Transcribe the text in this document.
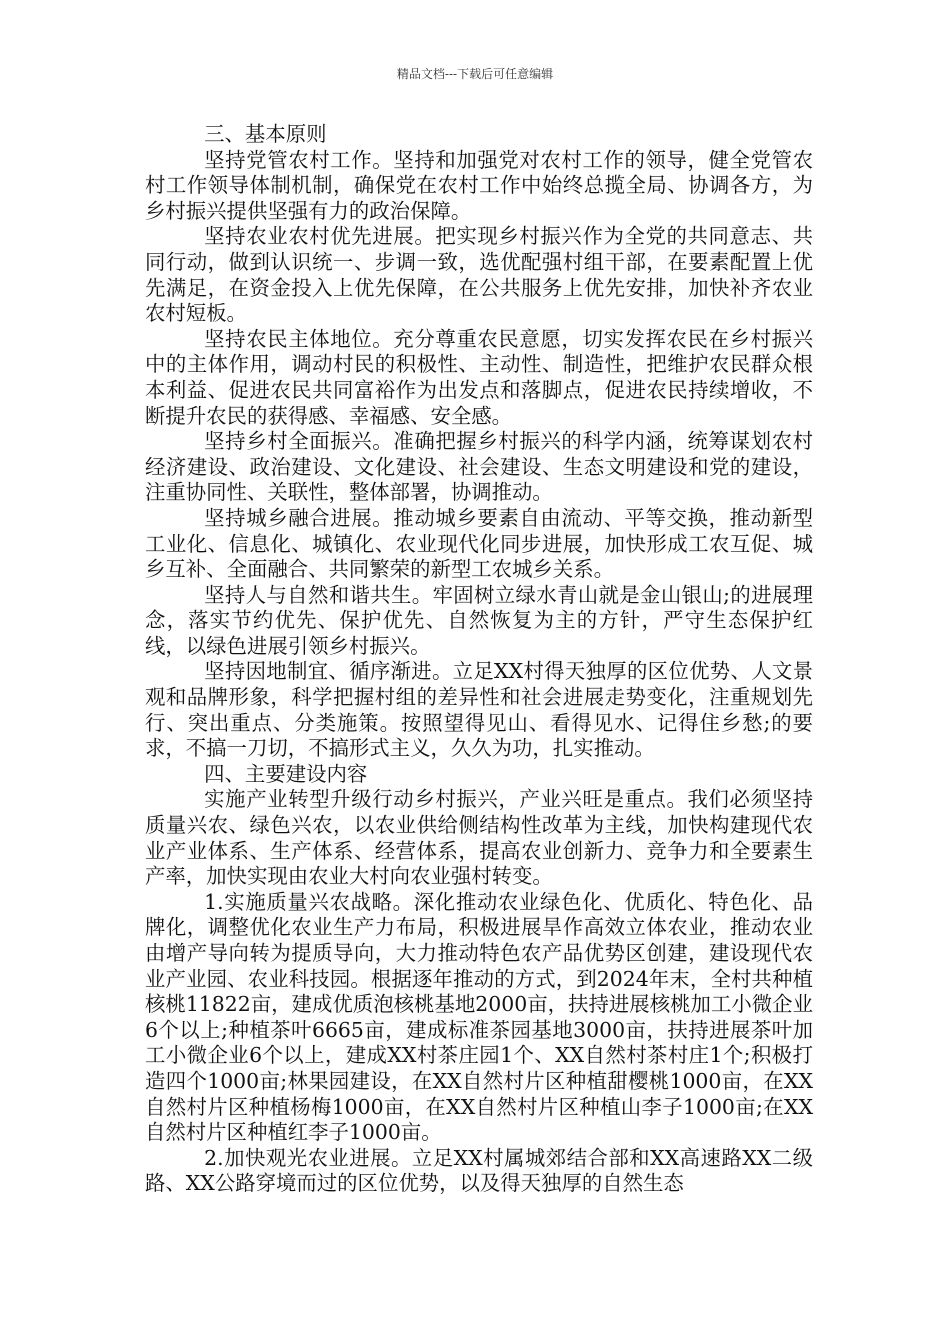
精品文档---下载后可任意编辑

三、基本原则

坚持党管农村工作。坚持和加强党对农村工作的领导，健全党管农村工作领导体制机制，确保党在农村工作中始终总揽全局、协调各方，为乡村振兴提供坚强有力的政治保障。

坚持农业农村优先进展。把实现乡村振兴作为全党的共同意志、共同行动，做到认识统一、步调一致，选优配强村组干部，在要素配置上优先满足，在资金投入上优先保障，在公共服务上优先安排，加快补齐农业农村短板。

坚持农民主体地位。充分尊重农民意愿，切实发挥农民在乡村振兴中的主体作用，调动村民的积极性、主动性、制造性，把维护农民群众根本利益、促进农民共同富裕作为出发点和落脚点，促进农民持续增收，不断提升农民的获得感、幸福感、安全感。

坚持乡村全面振兴。准确把握乡村振兴的科学内涵，统筹谋划农村经济建设、政治建设、文化建设、社会建设、生态文明建设和党的建设，注重协同性、关联性，整体部署，协调推动。

坚持城乡融合进展。推动城乡要素自由流动、平等交换，推动新型工业化、信息化、城镇化、农业现代化同步进展，加快形成工农互促、城乡互补、全面融合、共同繁荣的新型工农城乡关系。

坚持人与自然和谐共生。牢固树立绿水青山就是金山银山;的进展理念，落实节约优先、保护优先、自然恢复为主的方针，严守生态保护红线，以绿色进展引领乡村振兴。

坚持因地制宜、循序渐进。立足XX村得天独厚的区位优势、人文景观和品牌形象，科学把握村组的差异性和社会进展走势变化，注重规划先行、突出重点、分类施策。按照望得见山、看得见水、记得住乡愁;的要求，不搞一刀切，不搞形式主义，久久为功，扎实推动。

四、主要建设内容

实施产业转型升级行动乡村振兴，产业兴旺是重点。我们必须坚持质量兴农、绿色兴农，以农业供给侧结构性改革为主线，加快构建现代农业产业体系、生产体系、经营体系，提高农业创新力、竞争力和全要素生产率，加快实现由农业大村向农业强村转变。

1.实施质量兴农战略。深化推动农业绿色化、优质化、特色化、品牌化，调整优化农业生产力布局，积极进展旱作高效立体农业，推动农业由增产导向转为提质导向，大力推动特色农产品优势区创建，建设现代农业产业园、农业科技园。根据逐年推动的方式，到2024年末，全村共种植核桃11822亩，建成优质泡核桃基地2000亩，扶持进展核桃加工小微企业6个以上;种植茶叶6665亩，建成标准茶园基地3000亩，扶持进展茶叶加工小微企业6个以上，建成XX村茶庄园1个、XX自然村茶村庄1个;积极打造四个1000亩;林果园建设，在XX自然村片区种植甜樱桃1000亩，在XX自然村片区种植杨梅1000亩，在XX自然村片区种植山李子1000亩;在XX自然村片区种植红李子1000亩。

2.加快观光农业进展。立足XX村属城郊结合部和XX高速路XX二级路、XX公路穿境而过的区位优势，以及得天独厚的自然生态
